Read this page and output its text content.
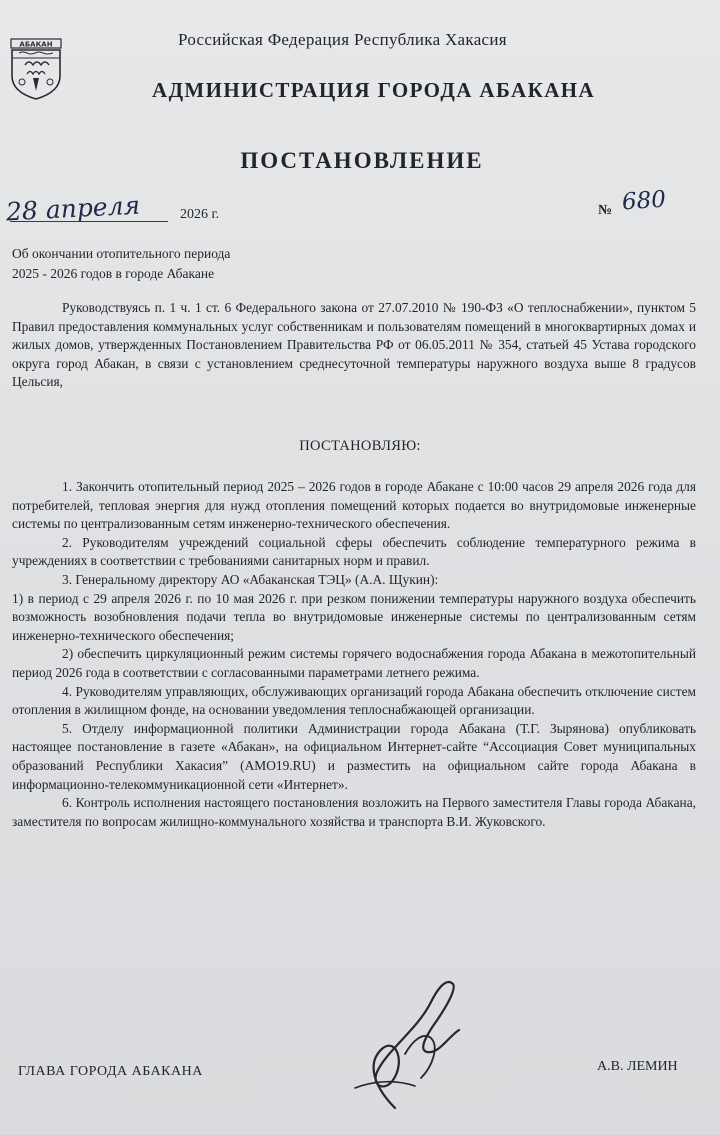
АБАКАН	Российская Федерация Республика Хакасия
АДМИНИСТРАЦИЯ ГОРОДА АБАКАНА
ПОСТАНОВЛЕНИЕ
28 апреля	2026 г.	№ 680
Об окончании отопительного периода
2025 - 2026 годов в городе Абакане

Руководствуясь п. 1 ч. 1 ст. 6 Федерального закона от 27.07.2010 № 190-ФЗ «О теплоснабжении», пунктом 5 Правил предоставления коммунальных услуг собственникам и пользователям помещений в многоквартирных домах и жилых домов, утвержденных Постановлением Правительства РФ от 06.05.2011 № 354, статьей 45 Устава городского округа город Абакан, в связи с установлением среднесуточной температуры наружного воздуха выше 8 градусов Цельсия,

ПОСТАНОВЛЯЮ:

1. Закончить отопительный период 2025 – 2026 годов в городе Абакане с 10:00 часов 29 апреля 2026 года для потребителей, тепловая энергия для нужд отопления помещений которых подается во внутридомовые инженерные системы по централизованным сетям инженерно-технического обеспечения.

2. Руководителям учреждений социальной сферы обеспечить соблюдение температурного режима в учреждениях в соответствии с требованиями санитарных норм и правил.

3. Генеральному директору АО «Абаканская ТЭЦ» (А.А. Щукин):

1) в период с 29 апреля 2026 г. по 10 мая 2026 г. при резком понижении температуры наружного воздуха обеспечить возможность возобновления подачи тепла во внутридомовые инженерные системы по централизованным сетям инженерно-технического обеспечения;

2) обеспечить циркуляционный режим системы горячего водоснабжения города Абакана в межотопительный период 2026 года в соответствии с согласованными параметрами летнего режима.

4. Руководителям управляющих, обслуживающих организаций города Абакана обеспечить отключение систем отопления в жилищном фонде, на основании уведомления теплоснабжающей организации.

5. Отделу информационной политики Администрации города Абакана (Т.Г. Зырянова) опубликовать настоящее постановление в газете «Абакан», на официальном Интернет-сайте “Ассоциация Совет муниципальных образований Республики Хакасия” (АМО19.RU) и разместить на официальном сайте города Абакана в информационно-телекоммуникационной сети «Интернет».

6. Контроль исполнения настоящего постановления возложить на Первого заместителя Главы города Абакана, заместителя по вопросам жилищно-коммунального хозяйства и транспорта В.И. Жуковского.

ГЛАВА ГОРОДА АБАКАНА	А.В. ЛЕМИН
